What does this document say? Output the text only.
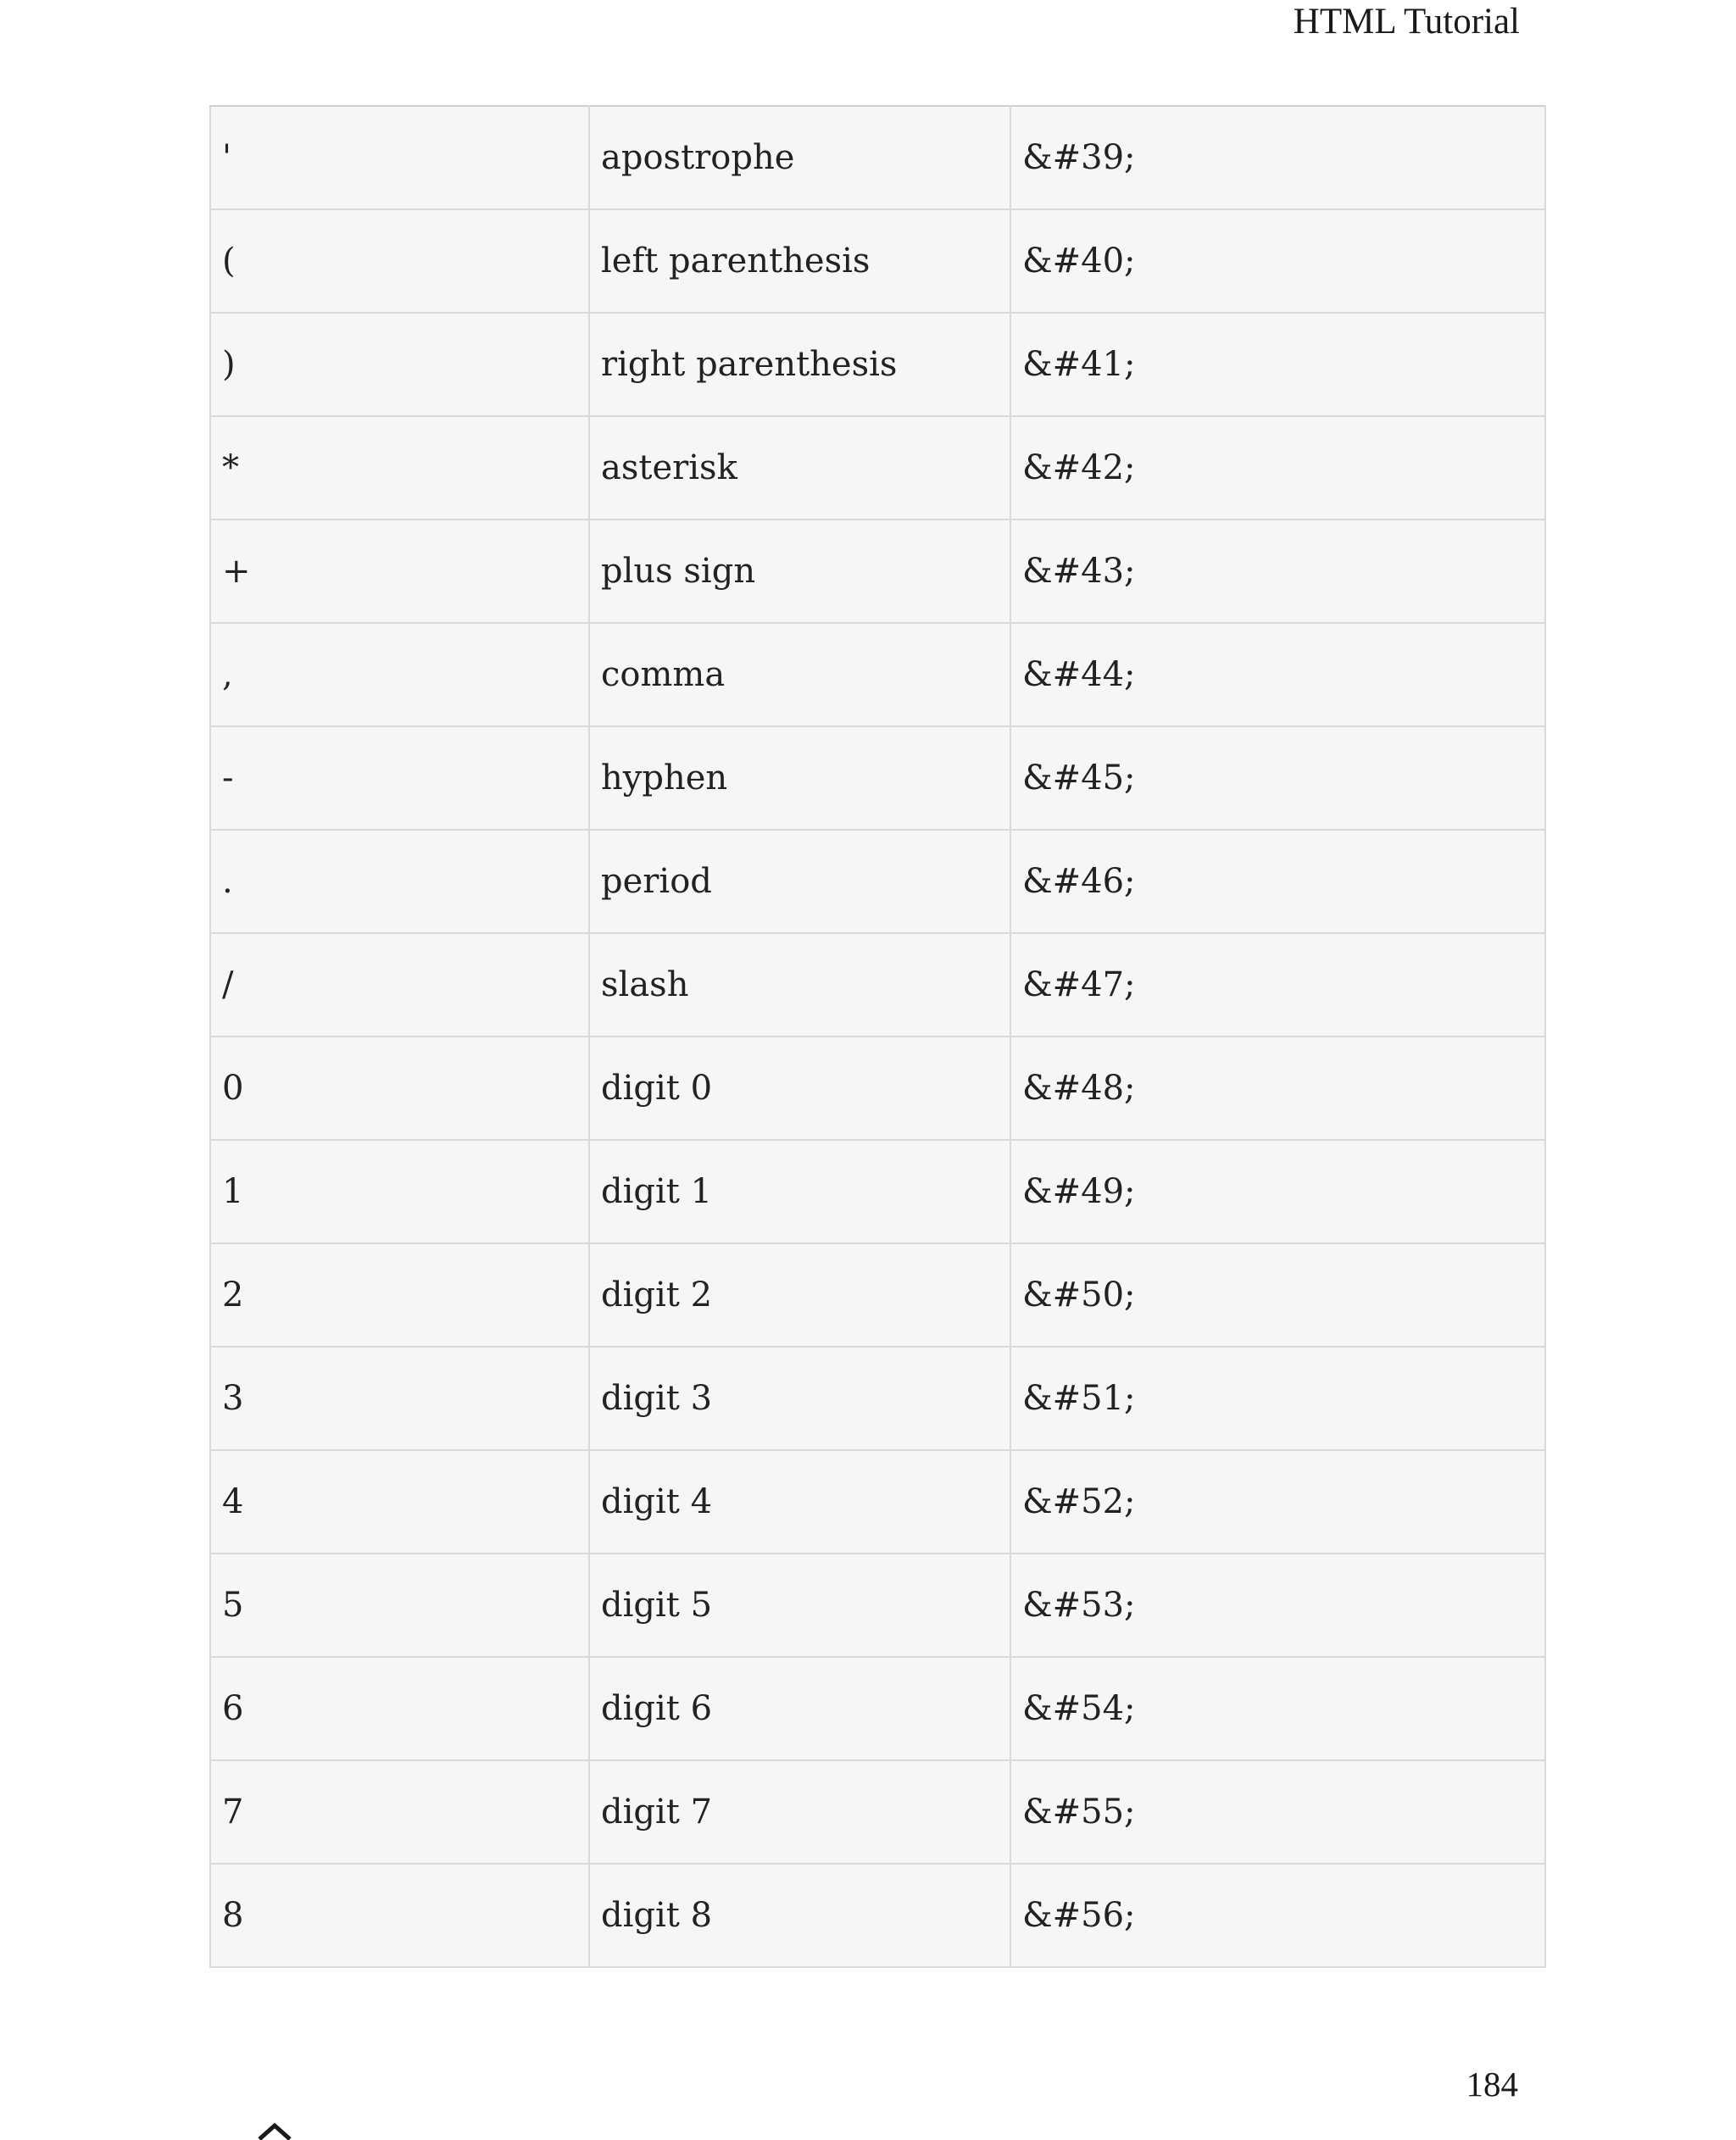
HTML Tutorial
'	apostrophe	&#39;
(	left parenthesis	&#40;
)	right parenthesis	&#41;
*	asterisk	&#42;
+	plus sign	&#43;
,	comma	&#44;
-	hyphen	&#45;
.	period	&#46;
/	slash	&#47;
0	digit 0	&#48;
1	digit 1	&#49;
2	digit 2	&#50;
3	digit 3	&#51;
4	digit 4	&#52;
5	digit 5	&#53;
6	digit 6	&#54;
7	digit 7	&#55;
8	digit 8	&#56;
184
